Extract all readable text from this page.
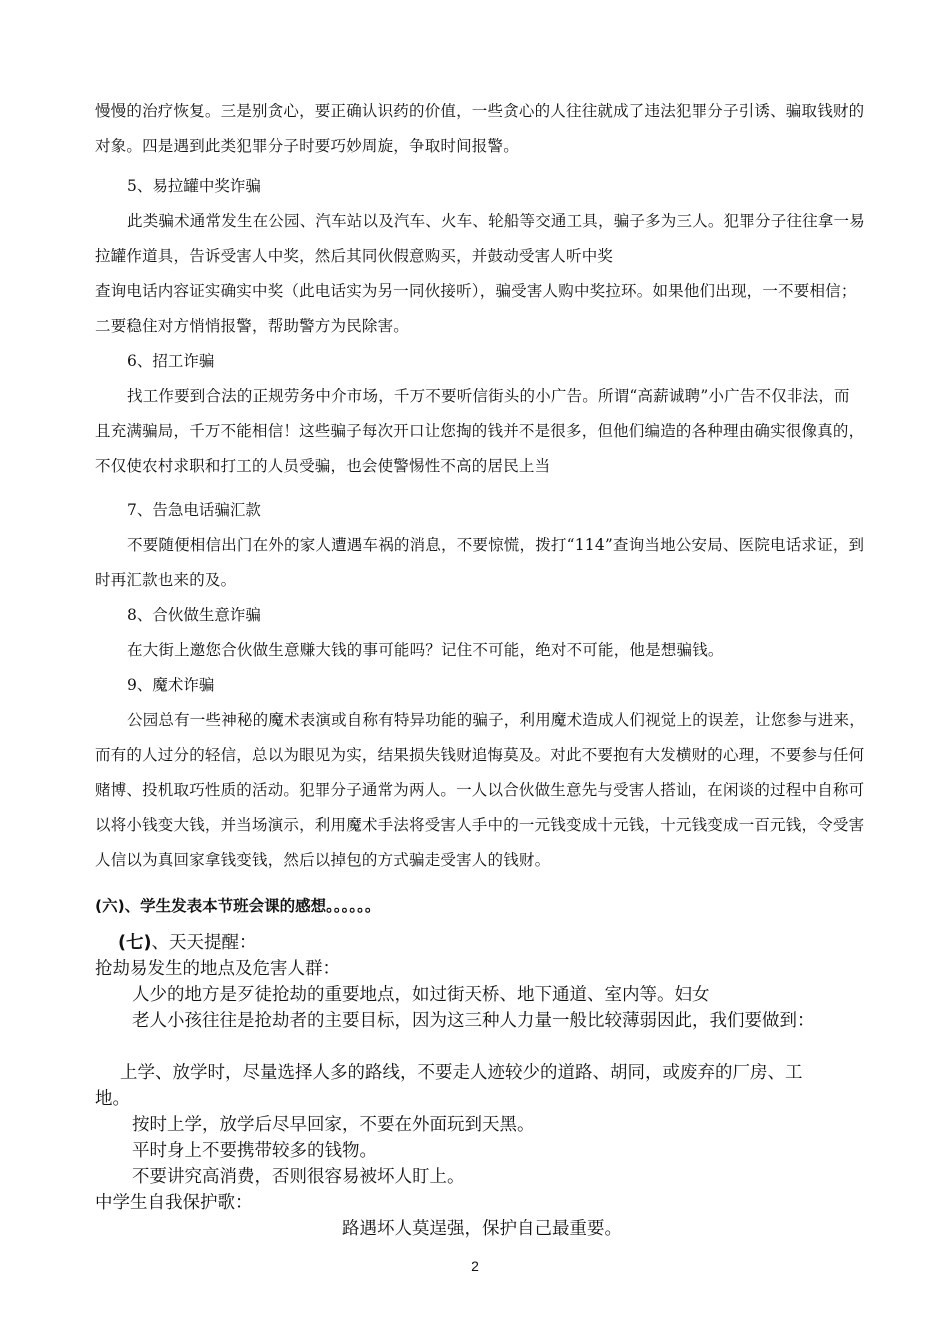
慢慢的治疗恢复。三是别贪心，要正确认识药的价值，一些贪心的人往往就成了违法犯罪分子引诱、骗取钱财的对象。四是遇到此类犯罪分子时要巧妙周旋，争取时间报警。

5、易拉罐中奖诈骗

此类骗术通常发生在公园、汽车站以及汽车、火车、轮船等交通工具，骗子多为三人。犯罪分子往往拿一易拉罐作道具，告诉受害人中奖，然后其同伙假意购买，并鼓动受害人听中奖

查询电话内容证实确实中奖（此电话实为另一同伙接听），骗受害人购中奖拉环。如果他们出现，一不要相信；二要稳住对方悄悄报警，帮助警方为民除害。

6、招工诈骗

找工作要到合法的正规劳务中介市场，千万不要听信街头的小广告。所谓“高薪诚聘”小广告不仅非法，而且充满骗局，千万不能相信！这些骗子每次开口让您掏的钱并不是很多，但他们编造的各种理由确实很像真的，不仅使农村求职和打工的人员受骗，也会使警惕性不高的居民上当

7、告急电话骗汇款

不要随便相信出门在外的家人遭遇车祸的消息，不要惊慌，拨打“114”查询当地公安局、医院电话求证，到时再汇款也来的及。

8、合伙做生意诈骗

在大街上邀您合伙做生意赚大钱的事可能吗？记住不可能，绝对不可能，他是想骗钱。

9、魔术诈骗

公园总有一些神秘的魔术表演或自称有特异功能的骗子，利用魔术造成人们视觉上的误差，让您参与进来，而有的人过分的轻信，总以为眼见为实，结果损失钱财追悔莫及。对此不要抱有大发横财的心理，不要参与任何赌博、投机取巧性质的活动。犯罪分子通常为两人。一人以合伙做生意先与受害人搭讪，在闲谈的过程中自称可以将小钱变大钱，并当场演示，利用魔术手法将受害人手中的一元钱变成十元钱，十元钱变成一百元钱，令受害人信以为真回家拿钱变钱，然后以掉包的方式骗走受害人的钱财。

(六)、学生发表本节班会课的感想。。。。。。

(七)、天天提醒：

抢劫易发生的地点及危害人群：

人少的地方是歹徒抢劫的重要地点，如过街天桥、地下通道、室内等。妇女

老人小孩往往是抢劫者的主要目标，因为这三种人力量一般比较薄弱因此，我们要做到：

上学、放学时，尽量选择人多的路线，不要走人迹较少的道路、胡同，或废弃的厂房、工地。

按时上学，放学后尽早回家，不要在外面玩到天黑。

平时身上不要携带较多的钱物。

不要讲究高消费，否则很容易被坏人盯上。

中学生自我保护歌：

路遇坏人莫逞强，保护自己最重要。

2
